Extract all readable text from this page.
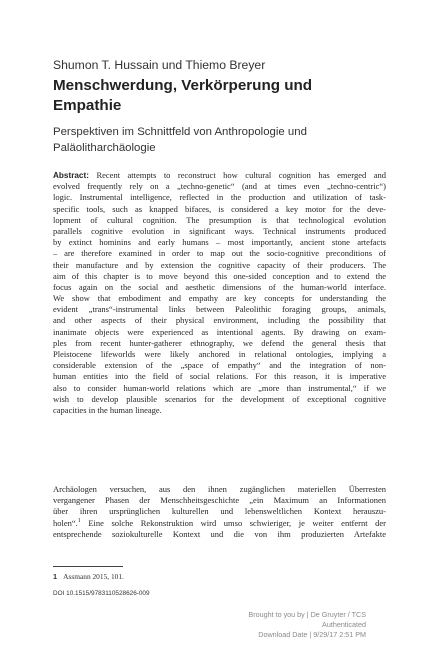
Shumon T. Hussain und Thiemo Breyer
Menschwerdung, Verkörperung und
Empathie
Perspektiven im Schnittfeld von Anthropologie und
Paläolitharchäologie
Abstract: Recent attempts to reconstruct how cultural cognition has emerged and
evolved frequently rely on a „techno-genetic“ (and at times even „techno-centric“)
logic. Instrumental intelligence, reflected in the production and utilization of task-
specific tools, such as knapped bifaces, is considered a key motor for the deve-
lopment of cultural cognition. The presumption is that technological evolution
parallels cognitive evolution in significant ways. Technical instruments produced
by extinct hominins and early humans – most importantly, ancient stone artefacts
– are therefore examined in order to map out the socio-cognitive preconditions of
their manufacture and by extension the cognitive capacity of their producers. The
aim of this chapter is to move beyond this one-sided conception and to extend the
focus again on the social and aesthetic dimensions of the human-world interface.
We show that embodiment and empathy are key concepts for understanding the
evident „trans“-instrumental links between Paleolithic foraging groups, animals,
and other aspects of their physical environment, including the possibility that
inanimate objects were experienced as intentional agents. By drawing on exam-
ples from recent hunter-gatherer ethnography, we defend the general thesis that
Pleistocene lifeworlds were likely anchored in relational ontologies, implying a
considerable extension of the „space of empathy“ and the integration of non-
human entities into the field of social relations. For this reason, it is imperative
also to consider human-world relations which are „more than instrumental,“ if we
wish to develop plausible scenarios for the development of exceptional cognitive
capacities in the human lineage.
Archäologen versuchen, aus den ihnen zugänglichen materiellen Überresten
vergangener Phasen der Menschheitsgeschichte „ein Maximum an Informationen
über ihren ursprünglichen kulturellen und lebensweltlichen Kontext herauszu-
holen“.$^1$ Eine solche Rekonstruktion wird umso schwieriger, je weiter entfernt der
entsprechende soziokulturelle Kontext und die von ihm produzierten Artefakte
1 Assmann 2015, 101.
DOI 10.1515/9783110528626-009
Brought to you by | De Gruyter / TCS
Authenticated
Download Date | 9/29/17 2:51 PM
